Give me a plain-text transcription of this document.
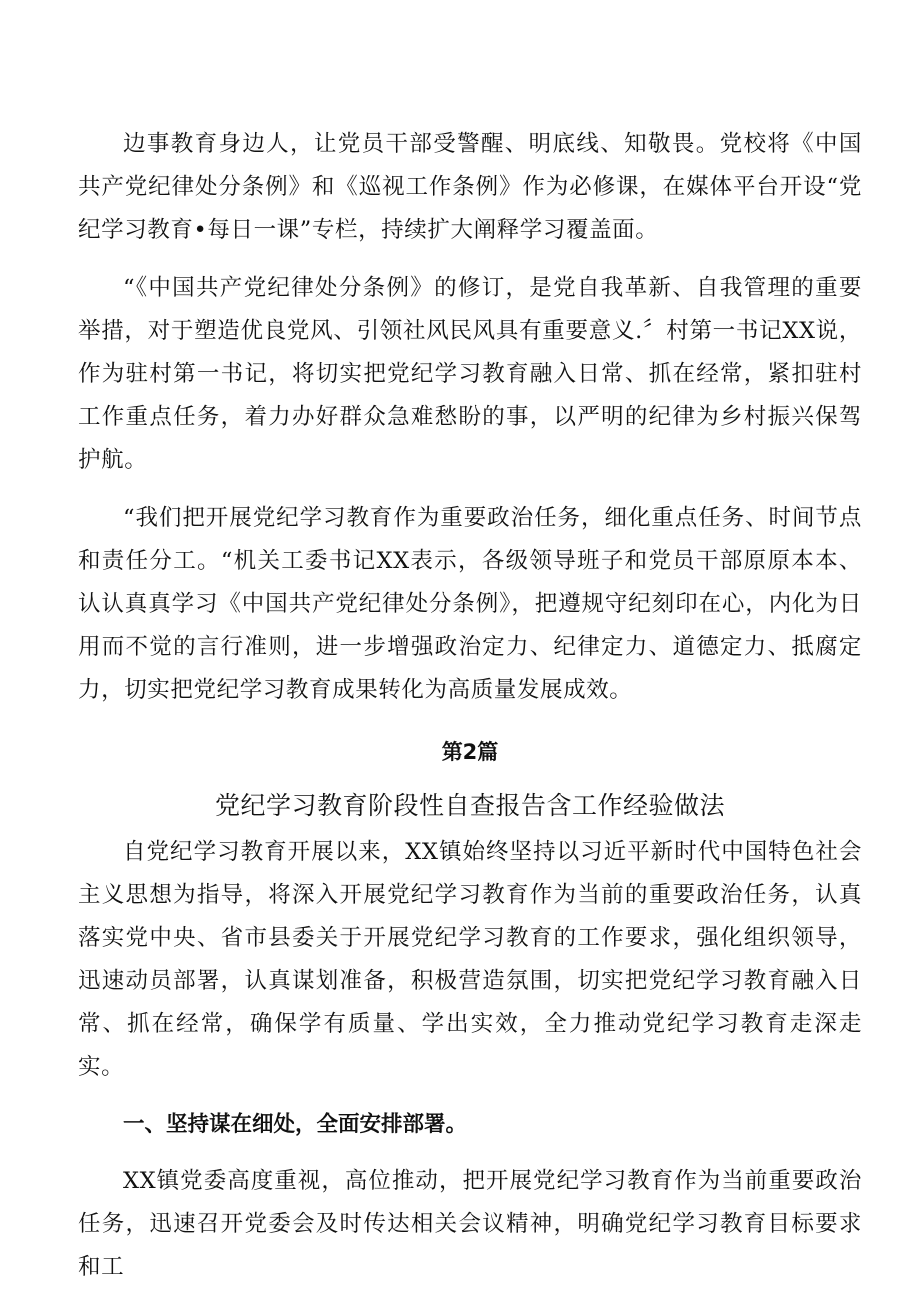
边事教育身边人，让党员干部受警醒、明底线、知敬畏。党校将《中国共产党纪律处分条例》和《巡视工作条例》作为必修课，在媒体平台开设“党纪学习教育•每日一课”专栏，持续扩大阐释学习覆盖面。

“《中国共产党纪律处分条例》的修订，是党自我革新、自我管理的重要举措，对于塑造优良党风、引领社风民风具有重要意义.〞村第一书记XX说，作为驻村第一书记，将切实把党纪学习教育融入日常、抓在经常，紧扣驻村工作重点任务，着力办好群众急难愁盼的事，以严明的纪律为乡村振兴保驾护航。

“我们把开展党纪学习教育作为重要政治任务，细化重点任务、时间节点和责任分工。“机关工委书记XX表示，各级领导班子和党员干部原原本本、认认真真学习《中国共产党纪律处分条例》，把遵规守纪刻印在心，内化为日用而不觉的言行准则，进一步增强政治定力、纪律定力、道德定力、抵腐定力，切实把党纪学习教育成果转化为高质量发展成效。

第2篇
党纪学习教育阶段性自查报告含工作经验做法

自党纪学习教育开展以来，XX镇始终坚持以习近平新时代中国特色社会主义思想为指导，将深入开展党纪学习教育作为当前的重要政治任务，认真落实党中央、省市县委关于开展党纪学习教育的工作要求，强化组织领导，迅速动员部署，认真谋划准备，积极营造氛围，切实把党纪学习教育融入日常、抓在经常，确保学有质量、学出实效，全力推动党纪学习教育走深走实。

一、坚持谋在细处，全面安排部署。

XX镇党委高度重视，高位推动，把开展党纪学习教育作为当前重要政治任务，迅速召开党委会及时传达相关会议精神，明确党纪学习教育目标要求和工
